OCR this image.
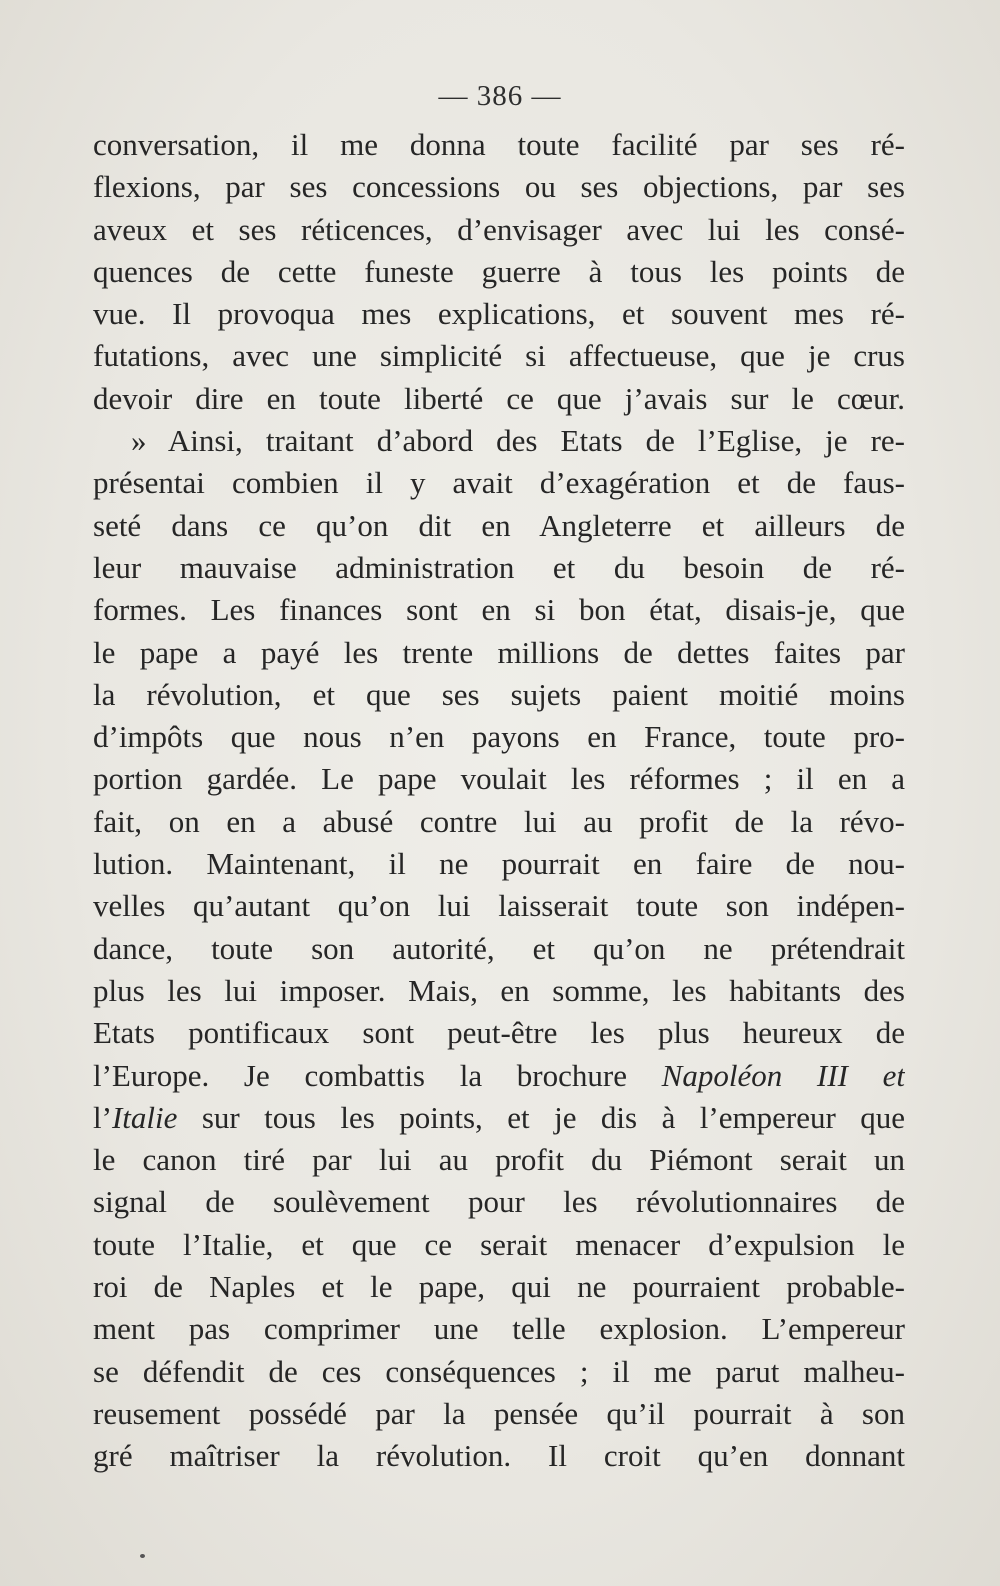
— 386 —
conversation, il me donna toute facilité par ses ré-
flexions, par ses concessions ou ses objections, par ses
aveux et ses réticences, d’envisager avec lui les consé-
quences de cette funeste guerre à tous les points de
vue. Il provoqua mes explications, et souvent mes ré-
futations, avec une simplicité si affectueuse, que je crus
devoir dire en toute liberté ce que j’avais sur le cœur.
» Ainsi, traitant d’abord des Etats de l’Eglise, je re-
présentai combien il y avait d’exagération et de faus-
seté dans ce qu’on dit en Angleterre et ailleurs de
leur mauvaise administration et du besoin de ré-
formes. Les finances sont en si bon état, disais-je, que
le pape a payé les trente millions de dettes faites par
la révolution, et que ses sujets paient moitié moins
d’impôts que nous n’en payons en France, toute pro-
portion gardée. Le pape voulait les réformes ; il en a
fait, on en a abusé contre lui au profit de la révo-
lution. Maintenant, il ne pourrait en faire de nou-
velles qu’autant qu’on lui laisserait toute son indépen-
dance, toute son autorité, et qu’on ne prétendrait
plus les lui imposer. Mais, en somme, les habitants des
Etats pontificaux sont peut-être les plus heureux de
l’Europe. Je combattis la brochure Napoléon III et
l’Italie sur tous les points, et je dis à l’empereur que
le canon tiré par lui au profit du Piémont serait un
signal de soulèvement pour les révolutionnaires de
toute l’Italie, et que ce serait menacer d’expulsion le
roi de Naples et le pape, qui ne pourraient probable-
ment pas comprimer une telle explosion. L’empereur
se défendit de ces conséquences ; il me parut malheu-
reusement possédé par la pensée qu’il pourrait à son
gré maîtriser la révolution. Il croit qu’en donnant
